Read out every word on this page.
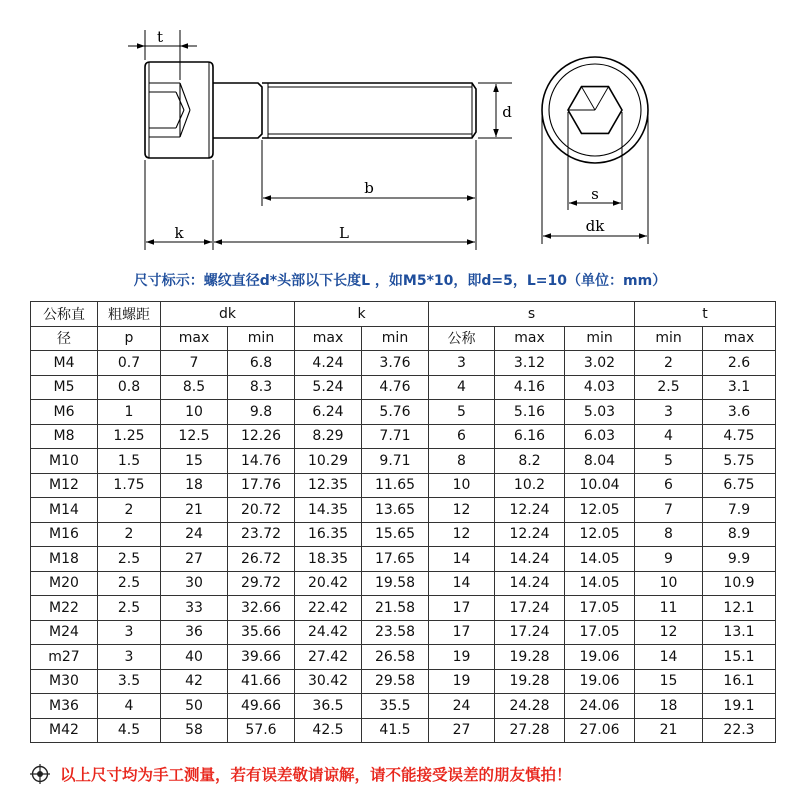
t
d
b
k	L
s
dk
尺寸标示：螺纹直径d*头部以下长度L ，如M5*10，即d=5，L=10（单位：mm）
公称直	粗螺距	dk		k		s			t	
径	p	max	min	max	min	公称	max	min	min	max
M4	0.7	7	6.8	4.24	3.76	3	3.12	3.02	2	2.6
M5	0.8	8.5	8.3	5.24	4.76	4	4.16	4.03	2.5	3.1
M6	1	10	9.8	6.24	5.76	5	5.16	5.03	3	3.6
M8	1.25	12.5	12.26	8.29	7.71	6	6.16	6.03	4	4.75
M10	1.5	15	14.76	10.29	9.71	8	8.2	8.04	5	5.75
M12	1.75	18	17.76	12.35	11.65	10	10.2	10.04	6	6.75
M14	2	21	20.72	14.35	13.65	12	12.24	12.05	7	7.9
M16	2	24	23.72	16.35	15.65	12	12.24	12.05	8	8.9
M18	2.5	27	26.72	18.35	17.65	14	14.24	14.05	9	9.9
M20	2.5	30	29.72	20.42	19.58	14	14.24	14.05	10	10.9
M22	2.5	33	32.66	22.42	21.58	17	17.24	17.05	11	12.1
M24	3	36	35.66	24.42	23.58	17	17.24	17.05	12	13.1
m27	3	40	39.66	27.42	26.58	19	19.28	19.06	14	15.1
M30	3.5	42	41.66	30.42	29.58	19	19.28	19.06	15	16.1
M36	4	50	49.66	36.5	35.5	24	24.28	24.06	18	19.1
M42	4.5	58	57.6	42.5	41.5	27	27.28	27.06	21	22.3
以上尺寸均为手工测量，若有误差敬请谅解，请不能接受误差的朋友慎拍！
